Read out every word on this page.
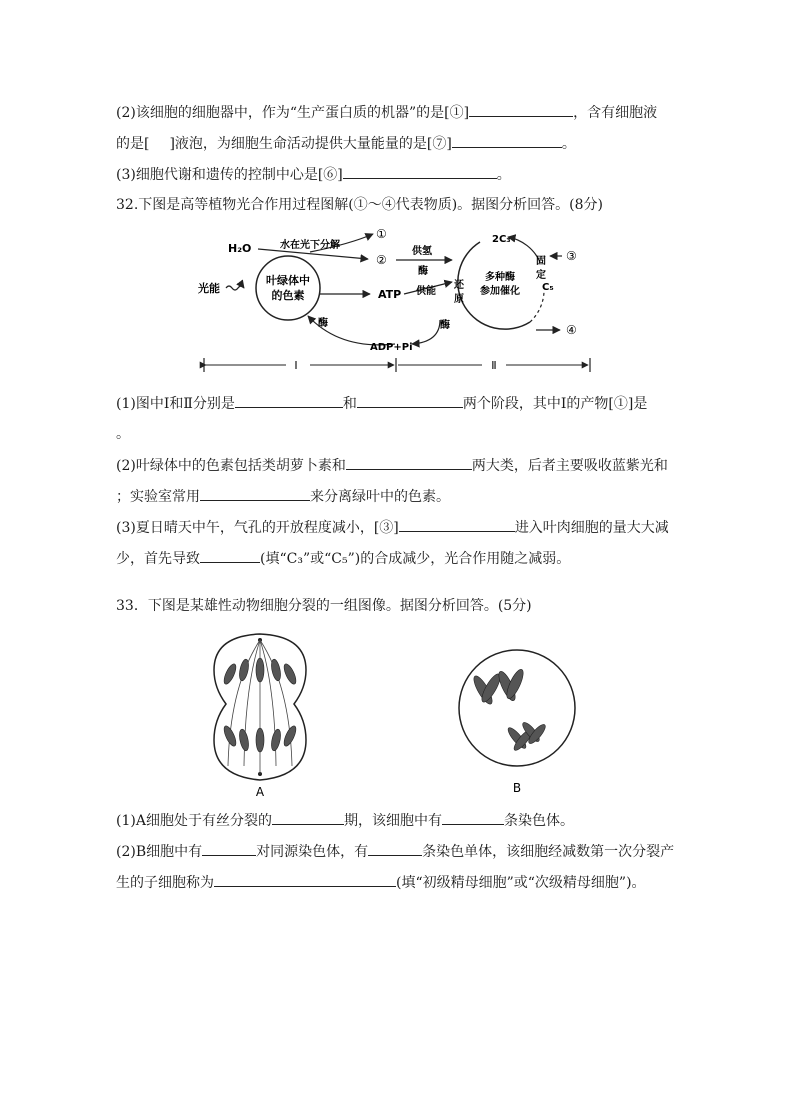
(2)该细胞的细胞器中，作为“生产蛋白质的机器”的是[①]	，含有细胞液
的是[ ]液泡，为细胞生命活动提供大量能量的是[⑦]	。
(3)细胞代谢和遗传的控制中心是[⑥]	。
32.下图是高等植物光合作用过程图解(①～④代表物质)。据图分析回答。(8分)
叶绿体中
的色素
H₂O	水在光下分解
①
②
光能	ATP
酶
ADP+Pi
酶
供氢
酶
供能
还
原
2C₃
多种酶
参加催化
固
定
C₅
③
④
Ⅰ	Ⅱ
(1)图中Ⅰ和Ⅱ分别是	和	两个阶段，其中Ⅰ的产物[①]是
。
(2)叶绿体中的色素包括类胡萝卜素和	两大类，后者主要吸收蓝紫光和
；实验室常用	来分离绿叶中的色素。
(3)夏日晴天中午，气孔的开放程度减小，[③]	进入叶肉细胞的量大大减
少，首先导致	(填“C₃”或“C₅”)的合成减少，光合作用随之减弱。
33．下图是某雄性动物细胞分裂的一组图像。据图分析回答。(5分)
A	B
(1)A细胞处于有丝分裂的	期，该细胞中有	条染色体。
(2)B细胞中有	对同源染色体，有	条染色单体，该细胞经减数第一次分裂产
生的子细胞称为	(填“初级精母细胞”或“次级精母细胞”)。
